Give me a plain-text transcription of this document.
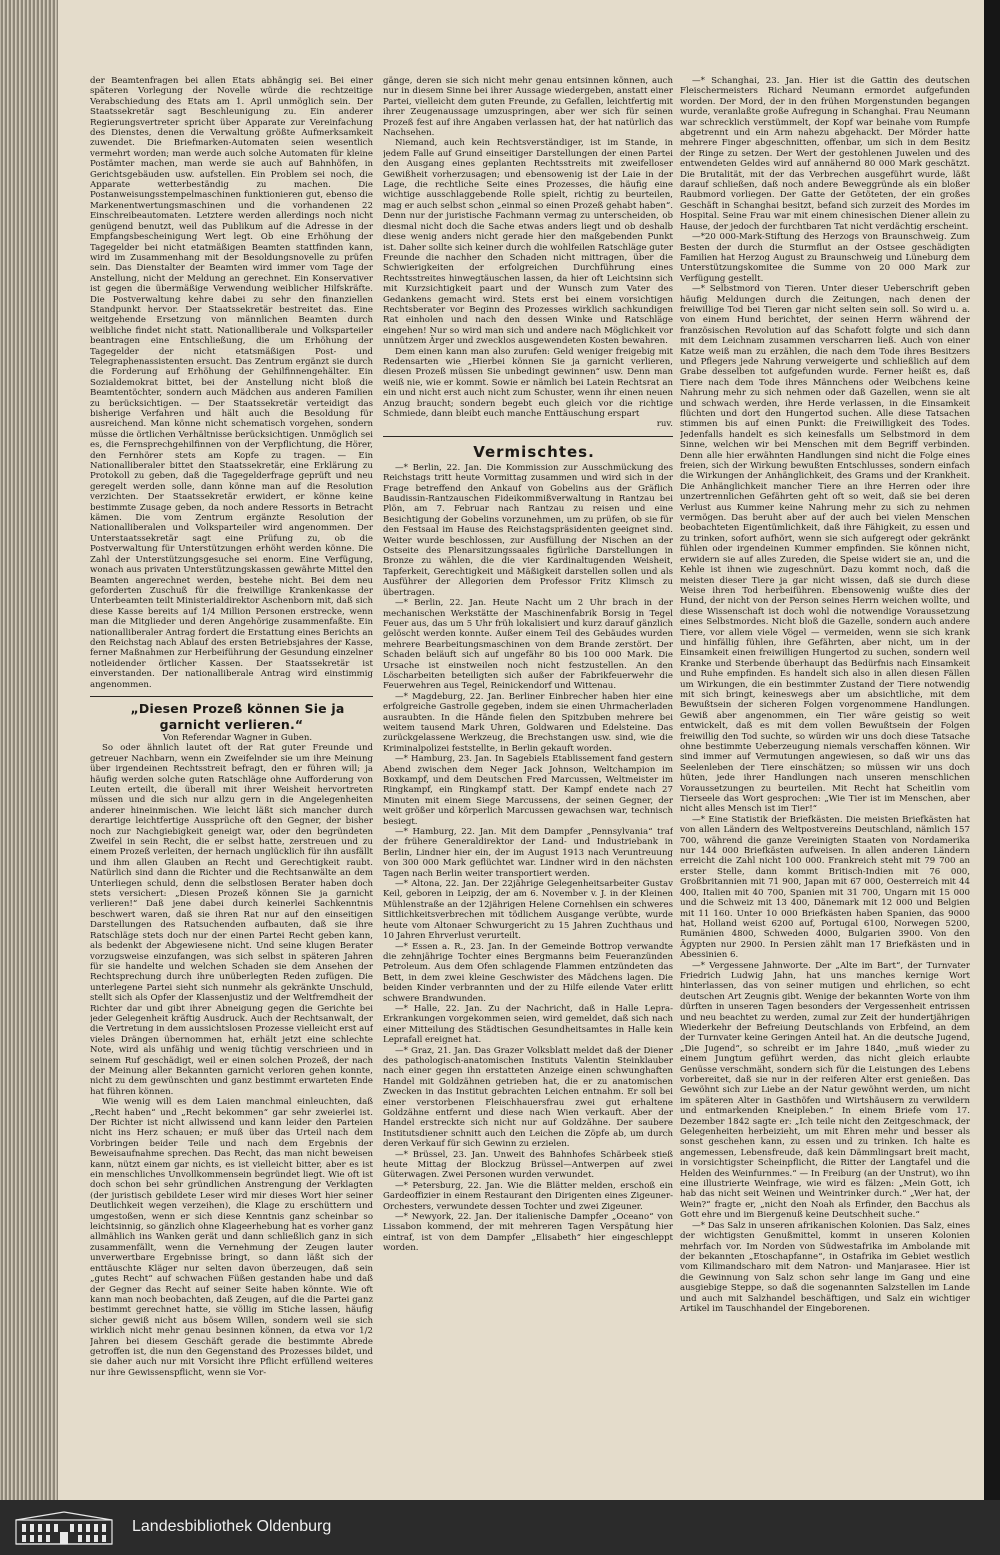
der Beamtenfragen bei allen Etats abhängig sei. Bei einer späteren Vorlegung der Novelle würde die rechtzeitige Verabschiedung des Etats am 1. April unmöglich sein. Der Staatssekretär sagt Beschleunigung zu. Ein anderer Regierungsvertreter spricht über Apparate zur Vereinfachung des Dienstes, denen die Verwaltung größte Aufmerksamkeit zuwendet. Die Briefmarken-Automaten seien wesentlich vermehrt worden; man werde auch solche Automaten für kleine Postämter machen, man werde sie auch auf Bahnhöfen, in Gerichtsgebäuden usw. aufstellen. Ein Problem sei noch, die Apparate wetterbeständig zu machen. Die Postanweisungsstempelmaschinen funktionieren gut, ebenso die Markenentwertungsmaschinen und die vorhandenen 22 Einschreibeautomaten. Letztere werden allerdings noch nicht genügend benutzt, weil das Publikum auf die Adresse in der Empfangsbescheinigung Wert legt. Ob eine Erhöhung der Tagegelder bei nicht etatmäßigen Beamten stattfinden kann, wird im Zusammenhang mit der Besoldungsnovelle zu prüfen sein. Das Dienstalter der Beamten wird immer vom Tage der Anstellung, nicht der Meldung an gerechnet. Ein Konservativer ist gegen die übermäßige Verwendung weiblicher Hilfskräfte. Die Postverwaltung kehre dabei zu sehr den finanziellen Standpunkt hervor. Der Staatssekretär bestreitet das. Eine weitgehende Ersetzung von männlichen Beamten durch weibliche findet nicht statt. Nationalliberale und Volksparteiler beantragen eine Entschließung, die um Erhöhung der Tagegelder der nicht etatsmäßigen Post- und Telegraphenassistenten ersucht. Das Zentrum ergänzt sie durch die Forderung auf Erhöhung der Gehilfinnengehälter. Ein Sozialdemokrat bittet, bei der Anstellung nicht bloß die Beamtentöchter, sondern auch Mädchen aus anderen Familien zu berücksichtigen. — Der Staatssekretär verteidigt das bisherige Verfahren und hält auch die Besoldung für ausreichend. Man könne nicht schematisch vorgehen, sondern müsse die örtlichen Verhältnisse berücksichtigen. Unmöglich sei es, die Fernsprechgehilfinnen von der Verpflichtung, die Hörer, den Fernhörer stets am Kopfe zu tragen. — Ein Nationalliberaler bittet den Staatssekretär, eine Erklärung zu Protokoll zu geben, daß die Tagegelderfrage geprüft und neu geregelt werden solle, dann könne man auf die Resolution verzichten. Der Staatssekretär erwidert, er könne keine bestimmte Zusage geben, da noch andere Ressorts in Betracht kämen. Die vom Zentrum ergänzte Resolution der Nationalliberalen und Volksparteiler wird angenommen. Der Unterstaatssekretär sagt eine Prüfung zu, ob die Postverwaltung für Unterstützungen erhöht werden könne. Die Zahl der Unterstützungsgesuche sei enorm. Eine Verfügung, wonach aus privaten Unterstützungskassen gewährte Mittel den Beamten angerechnet werden, bestehe nicht. Bei dem neu geforderten Zuschuß für die freiwillige Krankenkasse der Unterbeamten teilt Ministerialdirektor Aschenborn mit, daß sich diese Kasse bereits auf 1/4 Million Personen erstrecke, wenn man die Mitglieder und deren Angehörige zusammenfaßte. Ein nationalliberaler Antrag fordert die Erstattung eines Berichts an den Reichstag nach Ablauf des ersten Betriebsjahres der Kasse, ferner Maßnahmen zur Herbeiführung der Gesundung einzelner notleidender örtlicher Kassen. Der Staatssekretär ist einverstanden. Der nationalliberale Antrag wird einstimmig angenommen.

„Diesen Prozeß können Sie ja garnicht verlieren.“

Von Referendar Wagner in Guben.

So oder ähnlich lautet oft der Rat guter Freunde und getreuer Nachbarn, wenn ein Zweifelnder sie um ihre Meinung über irgendeinen Rechtsstreit befragt, den er führen will; ja häufig werden solche guten Ratschläge ohne Aufforderung von Leuten erteilt, die überall mit ihrer Weisheit hervortreten müssen und die sich nur allzu gern in die Angelegenheiten anderer hineinmischen. Wie leicht läßt sich mancher durch derartige leichtfertige Aussprüche oft den Gegner, der bisher noch zur Nachgiebigkeit geneigt war, oder den begründeten Zweifel in sein Recht, die er selbst hatte, zerstreuen und zu einem Prozeß verleiten, der hernach unglücklich für ihn ausfällt und ihm allen Glauben an Recht und Gerechtigkeit raubt. Natürlich sind dann die Richter und die Rechtsanwälte an dem Unterliegen schuld, denn die selbstlosen Berater haben doch stets versichert: „Diesen Prozeß können Sie ja garnicht verlieren!“ Daß jene dabei durch keinerlei Sachkenntnis beschwert waren, daß sie ihren Rat nur auf den einseitigen Darstellungen des Ratsuchenden aufbauten, daß sie ihre Ratschläge stets doch nur der einen Partei Recht geben kann, als bedenkt der Abgewiesene nicht. Und seine klugen Berater vorzugsweise einzufangen, was sich selbst in späteren Jahren für sie handelte und welchen Schaden sie dem Ansehen der Rechtsprechung durch ihre unüberlegten Reden zufügen. Die unterlegene Partei sieht sich nunmehr als gekränkte Unschuld, stellt sich als Opfer der Klassenjustiz und der Weltfremdheit der Richter dar und gibt ihrer Abneigung gegen die Gerichte bei jeder Gelegenheit kräftig Ausdruck. Auch der Rechtsanwalt, der die Vertretung in dem aussichtslosen Prozesse vielleicht erst auf vieles Drängen übernommen hat, erhält jetzt eine schlechte Note, wird als unfähig und wenig tüchtig verschrieen und in seinem Ruf geschädigt, weil er einen solchen Prozeß, der nach der Meinung aller Bekannten garnicht verloren gehen konnte, nicht zu dem gewünschten und ganz bestimmt erwarteten Ende hat führen können.

Wie wenig will es dem Laien manchmal einleuchten, daß „Recht haben“ und „Recht bekommen“ gar sehr zweierlei ist. Der Richter ist nicht allwissend und kann leider den Parteien nicht ins Herz schauen; er muß über das Urteil nach dem Vorbringen beider Teile und nach dem Ergebnis der Beweisaufnahme sprechen. Das Recht, das man nicht beweisen kann, nützt einem gar nichts, es ist vielleicht bitter, aber es ist ein menschliches Unvollkommensein begründet liegt. Wie oft ist doch schon bei sehr gründlichen Anstrengung der Verklagten (der juristisch gebildete Leser wird mir dieses Wort hier seiner Deutlichkeit wegen verzeihen), die Klage zu erschüttern und umgestoßen, wenn er sich diese Kenntnis ganz scheinbar so leichtsinnig, so gänzlich ohne Klageerhebung hat es vorher ganz allmählich ins Wanken gerät und dann schließlich ganz in sich zusammenfällt, wenn die Vernehmung der Zeugen lauter unverwertbare Ergebnisse bringt, so dann läßt sich der enttäuschte Kläger nur selten davon überzeugen, daß sein „gutes Recht“ auf schwachen Füßen gestanden habe und daß der Gegner das Recht auf seiner Seite haben könnte. Wie oft kann man noch beobachten, daß Zeugen, auf die die Partei ganz bestimmt gerechnet hatte, sie völlig im Stiche lassen, häufig sicher gewiß nicht aus bösem Willen, sondern weil sie sich wirklich nicht mehr genau besinnen können, da etwa vor 1/2 Jahren bei diesem Geschäft gerade die bestimmte Abrede getroffen ist, die nun den Gegenstand des Prozesses bildet, und sie daher auch nur mit Vorsicht ihre Pflicht erfüllend weiteres nur ihre Gewissenspflicht, wenn sie Vor-

gänge, deren sie sich nicht mehr genau entsinnen können, auch nur in diesem Sinne bei ihrer Aussage wiedergeben, anstatt einer Partei, vielleicht dem guten Freunde, zu Gefallen, leichtfertig mit ihrer Zeugenaussage umzuspringen, aber wer sich für seinen Prozeß fest auf ihre Angaben verlassen hat, der hat natürlich das Nachsehen.

Niemand, auch kein Rechtsverständiger, ist im Stande, in jedem Falle auf Grund einseitiger Darstellungen der einen Partei den Ausgang eines geplanten Rechtsstreits mit zweifelloser Gewißheit vorherzusagen; und ebensowenig ist der Laie in der Lage, die rechtliche Seite eines Prozesses, die häufig eine wichtige ausschlaggebende Rolle spielt, richtig zu beurteilen, mag er auch selbst schon „einmal so einen Prozeß gehabt haben“. Denn nur der juristische Fachmann vermag zu unterscheiden, ob diesmal nicht doch die Sache etwas anders liegt und ob deshalb diese wenig anders nicht gerade hier den maßgebenden Punkt ist. Daher sollte sich keiner durch die wohlfeilen Ratschläge guter Freunde die nachher den Schaden nicht mittragen, über die Schwierigkeiten der erfolgreichen Durchführung eines Rechtsstreites hinwegtäuschen lassen, da hier oft Leichtsinn sich mit Kurzsichtigkeit paart und der Wunsch zum Vater des Gedankens gemacht wird. Stets erst bei einem vorsichtigen Rechtsberater vor Beginn des Prozesses wirklich sachkundigen Rat einholen und nach den dessen Winke und Ratschläge eingehen! Nur so wird man sich und andere nach Möglichkeit vor unnützem Ärger und zwecklos ausgewendeten Kosten bewahren.

Dem einen kann man also zurufen: Geld weniger freigebig mit Redensarten wie „Hierbei können Sie ja garnicht verlieren, diesen Prozeß müssen Sie unbedingt gewinnen“ usw. Denn man weiß nie, wie er kommt. Sowie er nämlich bei Latein Rechtsrat an ein und nicht erst auch nicht zum Schuster, wenn ihr einen neuen Anzug braucht; sondern begebt euch gleich vor die richtige Schmiede, dann bleibt euch manche Enttäuschung erspart

ruv.

Vermischtes.

—* Berlin, 22. Jan. Die Kommission zur Ausschmückung des Reichstags tritt heute Vormittag zusammen und wird sich in der Frage betreffend den Ankauf von Gobelins aus der Gräflich Baudissin-Rantzauschen Fideikommißverwaltung in Rantzau bei Plön, am 7. Februar nach Rantzau zu reisen und eine Besichtigung der Gobelins vorzunehmen, um zu prüfen, ob sie für den Festsaal im Hause des Reichstagspräsidenten geeignet sind. Weiter wurde beschlossen, zur Ausfüllung der Nischen an der Ostseite des Plenarsitzungssaales figürliche Darstellungen in Bronze zu wählen, die die vier Kardinaltugenden Weisheit, Tapferkeit, Gerechtigkeit und Mäßigkeit darstellen sollen und als Ausführer der Allegorien dem Professor Fritz Klimsch zu übertragen.

—* Berlin, 22. Jan. Heute Nacht um 2 Uhr brach in der mechanischen Werkstätte der Maschinenfabrik Borsig in Tegel Feuer aus, das um 5 Uhr früh lokalisiert und kurz darauf gänzlich gelöscht werden konnte. Außer einem Teil des Gebäudes wurden mehrere Bearbeitungsmaschinen von dem Brande zerstört. Der Schaden beläuft sich auf ungefähr 80 bis 100 000 Mark. Die Ursache ist einstweilen noch nicht festzustellen. An den Löscharbeiten beteiligten sich außer der Fabrikfeuerwehr die Feuerwehren aus Tegel, Reinickendorf und Wittenau.

—* Magdeburg, 22. Jan. Berliner Einbrecher haben hier eine erfolgreiche Gastrolle gegeben, indem sie einen Uhrmacherladen ausraubten. In die Hände fielen den Spitzbuben mehrere bei weitem tausend Mark Uhren, Goldwaren und Edelsteine. Das zurückgelassene Werkzeug, die Brechstangen usw. sind, wie die Kriminalpolizei feststellte, in Berlin gekauft worden.

—* Hamburg, 23. Jan. In Sagebiels Etablissement fand gestern Abend zwischen dem Neger Jack Johnson, Weltchampion im Boxkampf, und dem Deutschen Fred Marcussen, Weltmeister im Ringkampf, ein Ringkampf statt. Der Kampf endete nach 27 Minuten mit einem Siege Marcussens, der seinen Gegner, der weit größer und körperlich Marcussen gewachsen war, technisch besiegt.

—* Hamburg, 22. Jan. Mit dem Dampfer „Pennsylvania“ traf der frühere Generaldirektor der Land- und Industriebank in Berlin, Lindner hier ein, der im August 1913 nach Veruntreuung von 300 000 Mark geflüchtet war. Lindner wird in den nächsten Tagen nach Berlin weiter transportiert werden.

—* Altona, 22. Jan. Der 22jährige Gelegenheitsarbeiter Gustav Keil, geboren in Leipzig, der am 6. November v. J. in der Kleinen Mühlenstraße an der 12jährigen Helene Cornehlsen ein schweres Sittlichkeitsverbrechen mit tödlichem Ausgange verübte, wurde heute vom Altonaer Schwurgericht zu 15 Jahren Zuchthaus und 10 Jahren Ehrverlust verurteilt.

—* Essen a. R., 23. Jan. In der Gemeinde Bottrop verwandte die zehnjährige Tochter eines Bergmanns beim Feueranzünden Petroleum. Aus dem Ofen schlagende Flammen entzündeten das Bett, in dem zwei kleine Geschwister des Mädchens lagen. Die beiden Kinder verbrannten und der zu Hilfe eilende Vater erlitt schwere Brandwunden.

—* Halle, 22. Jan. Zu der Nachricht, daß in Halle Lepra-Erkrankungen vorgekommen seien, wird gemeldet, daß sich nach einer Mitteilung des Städtischen Gesundheitsamtes in Halle kein Leprafall ereignet hat.

—* Graz, 21. Jan. Das Grazer Volksblatt meldet daß der Diener des pathologisch-anatomischen Instituts Valentin Steinklauber nach einer gegen ihn erstatteten Anzeige einen schwunghaften Handel mit Goldzähnen getrieben hat, die er zu anatomischen Zwecken in das Institut gebrachten Leichen entnahm. Er soll bei einer verstorbenen Fleischhauersfrau zwei gut erhaltene Goldzähne entfernt und diese nach Wien verkauft. Aber der Handel erstreckte sich nicht nur auf Goldzähne. Der saubere Institutsdiener schnitt auch den Leichen die Zöpfe ab, um durch deren Verkauf für sich Gewinn zu erzielen.

—* Brüssel, 23. Jan. Unweit des Bahnhofes Schärbeek stieß heute Mittag der Blockzug Brüssel—Antwerpen auf zwei Güterwagen. Zwei Personen wurden verwundet.

—* Petersburg, 22. Jan. Wie die Blätter melden, erschoß ein Gardeoffizier in einem Restaurant den Dirigenten eines Zigeuner-Orchesters, verwundete dessen Tochter und zwei Zigeuner.

—* Newyork, 22. Jan. Der italienische Dampfer „Oceano“ von Lissabon kommend, der mit mehreren Tagen Verspätung hier eintraf, ist von dem Dampfer „Elisabeth“ hier eingeschleppt worden.

—* Schanghai, 23. Jan. Hier ist die Gattin des deutschen Fleischermeisters Richard Neumann ermordet aufgefunden worden. Der Mord, der in den frühen Morgenstunden begangen wurde, veranlaßte große Aufregung in Schanghai. Frau Neumann war schrecklich verstümmelt, der Kopf war beinahe vom Rumpfe abgetrennt und ein Arm nahezu abgehackt. Der Mörder hatte mehrere Finger abgeschnitten, offenbar, um sich in dem Besitz der Ringe zu setzen. Der Wert der gestohlenen Juwelen und des entwendeten Geldes wird auf annähernd 80 000 Mark geschätzt. Die Brutalität, mit der das Verbrechen ausgeführt wurde, läßt darauf schließen, daß noch andere Beweggründe als ein bloßer Raubmord vorliegen. Der Gatte der Getöteten, der ein großes Geschäft in Schanghai besitzt, befand sich zurzeit des Mordes im Hospital. Seine Frau war mit einem chinesischen Diener allein zu Hause, der jedoch der furchtbaren Tat nicht verdächtig erscheint.

—*20 000-Mark-Stiftung des Herzogs von Braunschweig. Zum Besten der durch die Sturmflut an der Ostsee geschädigten Familien hat Herzog August zu Braunschweig und Lüneburg dem Unterstützungskomitee die Summe von 20 000 Mark zur Verfügung gestellt.

—* Selbstmord von Tieren. Unter dieser Ueberschrift geben häufig Meldungen durch die Zeitungen, nach denen der freiwillige Tod bei Tieren gar nicht selten sein soll. So wird u. a. von einem Hund berichtet, der seinen Herrn während der französischen Revolution auf das Schafott folgte und sich dann mit dem Leichnam zusammen verscharren ließ. Auch von einer Katze weiß man zu erzählen, die nach dem Tode ihres Besitzers und Pflegers jede Nahrung verweigerte und schließlich auf dem Grabe desselben tot aufgefunden wurde. Ferner heißt es, daß Tiere nach dem Tode ihres Männchens oder Weibchens keine Nahrung mehr zu sich nehmen oder daß Gazellen, wenn sie alt und schwach werden, ihre Herde verlassen, in die Einsamkeit flüchten und dort den Hungertod suchen. Alle diese Tatsachen stimmen bis auf einen Punkt: die Freiwilligkeit des Todes. Jedenfalls handelt es sich keinesfalls um Selbstmord in dem Sinne, welchen wir bei Menschen mit dem Begriff verbinden. Denn alle hier erwähnten Handlungen sind nicht die Folge eines freien, sich der Wirkung bewußten Entschlusses, sondern einfach die Wirkungen der Anhänglichkeit, des Grams und der Krankheit. Die Anhänglichkeit mancher Tiere an ihre Herren oder ihre unzertrennlichen Gefährten geht oft so weit, daß sie bei deren Verlust aus Kummer keine Nahrung mehr zu sich zu nehmen vermögen. Das beruht aber auf der auch bei vielen Menschen beobachteten Eigentümlichkeit, daß ihre Fähigkeit, zu essen und zu trinken, sofort aufhört, wenn sie sich aufgeregt oder gekränkt fühlen oder irgendeinen Kummer empfinden. Sie können nicht, erwidern sie auf alles Zureden, die Speise widert sie an, und die Kehle ist ihnen wie zugeschnürt. Dazu kommt noch, daß die meisten dieser Tiere ja gar nicht wissen, daß sie durch diese Weise ihren Tod herbeiführen. Ebensowenig wußte dies der Hund, der nicht von der Person seines Herrn weichen wollte, und diese Wissenschaft ist doch wohl die notwendige Voraussetzung eines Selbstmordes. Nicht bloß die Gazelle, sondern auch andere Tiere, vor allem viele Vögel — vermeiden, wenn sie sich krank und hinfällig fühlen, ihre Gefährten, aber nicht, um in der Einsamkeit einen freiwilligen Hungertod zu suchen, sondern weil Kranke und Sterbende überhaupt das Bedürfnis nach Einsamkeit und Ruhe empfinden. Es handelt sich also in allen diesen Fällen um Wirkungen, die ein bestimmter Zustand der Tiere notwendig mit sich bringt, keineswegs aber um absichtliche, mit dem Bewußtsein der sicheren Folgen vorgenommene Handlungen. Gewiß aber angenommen, ein Tier wäre geistig so weit entwickelt, daß es mit dem vollen Bewußtsein der Folgen freiwillig den Tod suchte, so würden wir uns doch diese Tatsache ohne bestimmte Ueberzeugung niemals verschaffen können. Wir sind immer auf Vermutungen angewiesen, so daß wir uns das Seelenleben der Tiere einschätzen; so müssen wir uns doch hüten, jede ihrer Handlungen nach unseren menschlichen Voraussetzungen zu beurteilen. Mit Recht hat Scheitlin vom Tierseele das Wort gesprochen: „Wie Tier ist im Menschen, aber nicht alles Mensch ist im Tier!“

—* Eine Statistik der Briefkästen. Die meisten Briefkästen hat von allen Ländern des Weltpostvereins Deutschland, nämlich 157 700, während die ganze Vereinigten Staaten von Nordamerika nur 144 000 Briefkästen aufweisen. In allen anderen Ländern erreicht die Zahl nicht 100 000. Frankreich steht mit 79 700 an erster Stelle, dann kommt Britisch-Indien mit 76 000, Großbritannien mit 71 900, Japan mit 67 000, Oesterreich mit 44 400, Italien mit 40 700, Spanien mit 31 700, Ungarn mit 15 000 und die Schweiz mit 13 400, Dänemark mit 12 000 und Belgien mit 11 160. Unter 10 000 Briefkästen haben Spanien, das 9000 hat, Holland weist 6200 auf, Portugal 6100, Norwegen 5200, Rumänien 4800, Schweden 4000, Bulgarien 3900. Von den Ägypten nur 2900. In Persien zählt man 17 Briefkästen und in Abessinien 6.

—* Vergessene Jahnworte. Der „Alte im Bart“, der Turnvater Friedrich Ludwig Jahn, hat uns manches kernige Wort hinterlassen, das von seiner mutigen und ehrlichen, so echt deutschen Art Zeugnis gibt. Wenige der bekannten Worte von ihm dürften in unseren Tagen besonders der Vergessenheit entrissen und neu beachtet zu werden, zumal zur Zeit der hundertjährigen Wiederkehr der Befreiung Deutschlands von Erbfeind, an dem der Turnvater keine Geringen Anteil hat. An die deutsche Jugend, „Die Jugend“, so schreibt er im Jahre 1840, „muß wieder zu einem Jungtum geführt werden, das nicht gleich erlaubte Genüsse verschmäht, sondern sich für die Leistungen des Lebens vorbereitet, daß sie nur in der reiferen Alter erst genießen. Das Gewöhnt sich zur Liebe an der Natur gewöhnt werden, um nicht im späteren Alter in Gasthöfen und Wirtshäusern zu verwildern und entmarkenden Kneipleben.“ In einem Briefe vom 17. Dezember 1842 sagte er: „Ich teile nicht den Zeitgeschmack, der Gelegenheiten herbeizieht, um mit Ehren mehr und besser als sonst geschehen kann, zu essen und zu trinken. Ich halte es angemessen, Lebensfreude, daß kein Dämmlingsart breit macht, in vorsichtigster Scheinpflicht, die Ritter der Langtafel und die Helden des Weinfurnmes.“ — In Freiburg (an der Unstrut), wo ihn eine illustrierte Weinfrage, wie wird es fälzen: „Mein Gott, ich hab das nicht seit Weinen und Weintrinker durch.“ „Wer hat, der Wein?“ fragte er, „nicht den Noah als Erfinder, den Bacchus als Gott ehre und im Biergenuß keine Deutschheit suche.“

—* Das Salz in unseren afrikanischen Kolonien. Das Salz, eines der wichtigsten Genußmittel, kommt in unseren Kolonien mehrfach vor. Im Norden von Südwestafrika im Ambolande mit der bekannten „Etoschapfanne“, in Ostafrika im Gebiet westlich vom Kilimandscharo mit dem Natron- und Manjarasee. Hier ist die Gewinnung von Salz schon sehr lange im Gang und eine ausgiebige Steppe, so daß die sogenannten Salzstellen im Lande und auch mit Salzhandel beschäftigen, und Salz ein wichtiger Artikel im Tauschhandel der Eingeborenen.

Landesbibliothek Oldenburg
